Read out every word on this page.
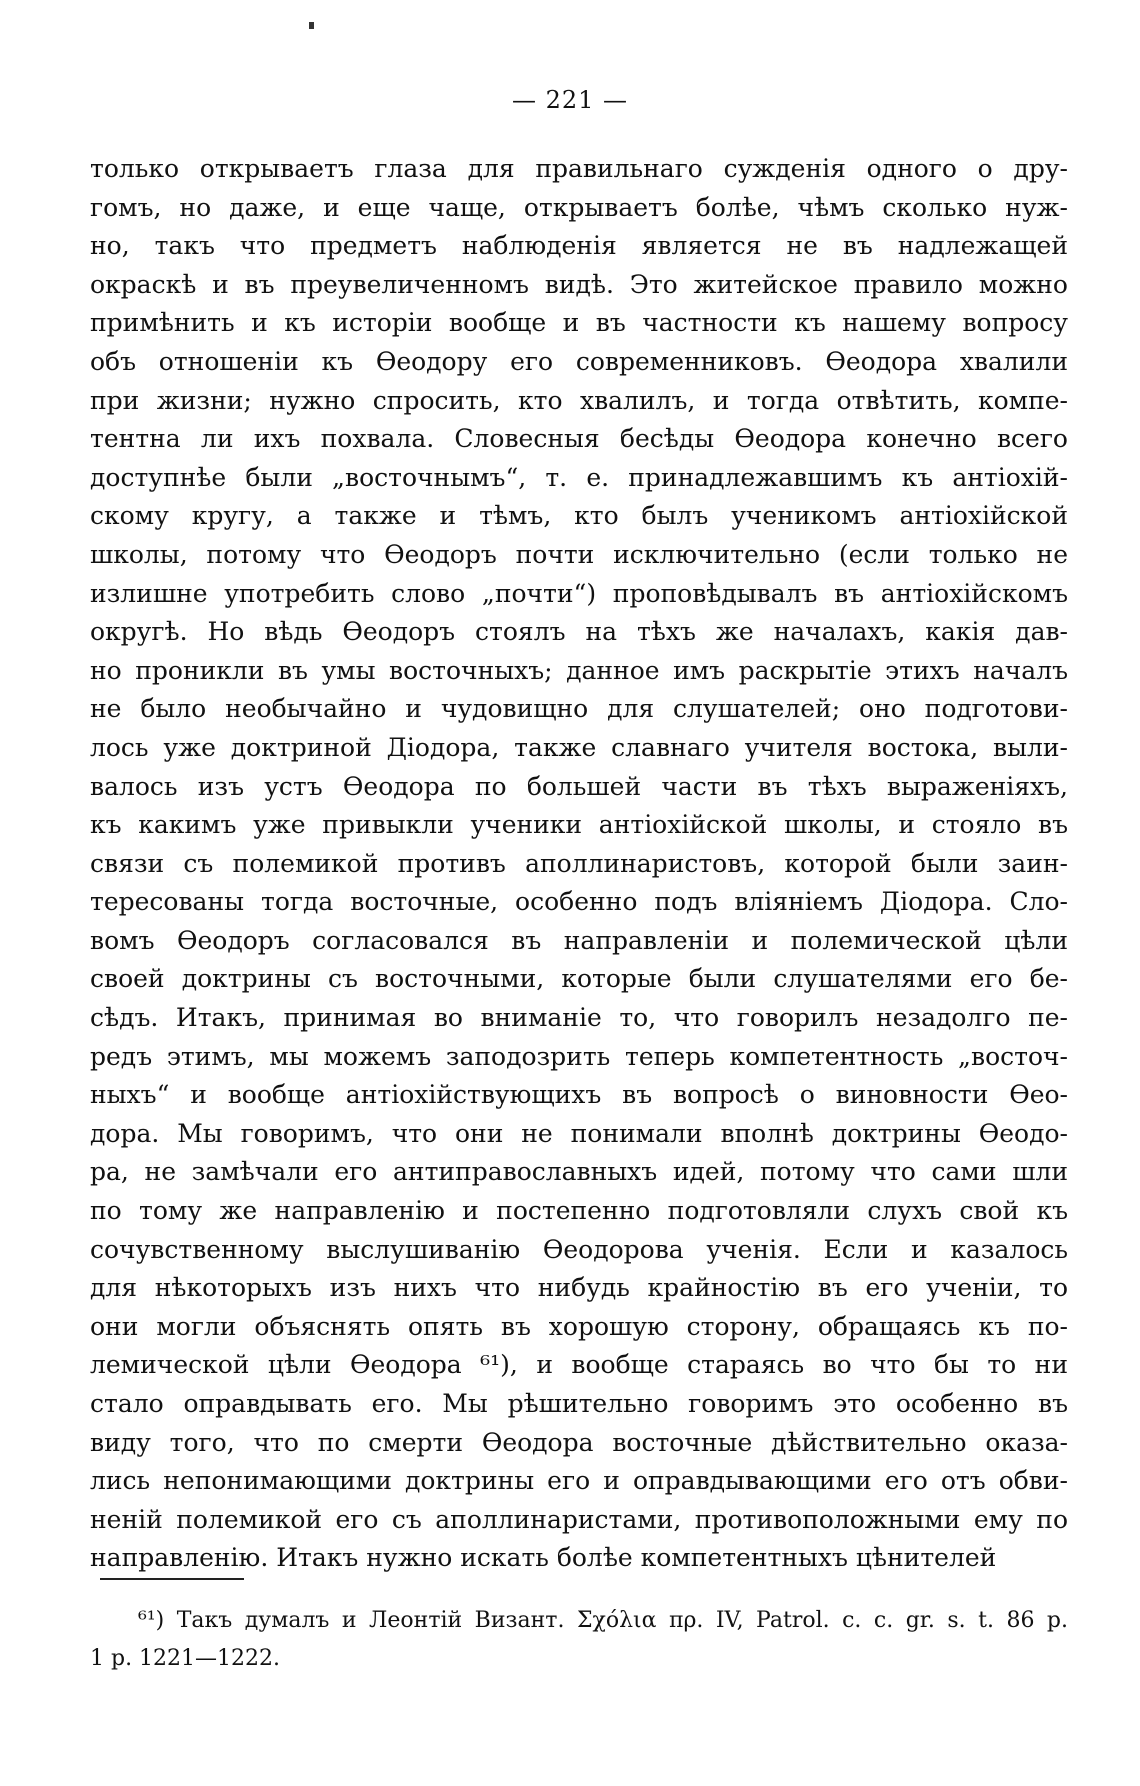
— 221 —
только открываетъ глаза для правильнаго сужденія одного о дру-
гомъ, но даже, и еще чаще, открываетъ болѣе, чѣмъ сколько нуж-
но, такъ что предметъ наблюденія является не въ надлежащей
окраскѣ и въ преувеличенномъ видѣ. Это житейское правило можно
примѣнить и къ исторіи вообще и въ частности къ нашему вопросу
объ отношеніи къ Ѳеодору его современниковъ. Ѳеодора хвалили
при жизни; нужно спросить, кто хвалилъ, и тогда отвѣтить, компе-
тентна ли ихъ похвала. Словесныя бесѣды Ѳеодора конечно всего
доступнѣе были „восточнымъ“, т. е. принадлежавшимъ къ антіохій-
скому кругу, а также и тѣмъ, кто былъ ученикомъ антіохійской
школы, потому что Ѳеодоръ почти исключительно (если только не
излишне употребить слово „почти“) проповѣдывалъ въ антіохійскомъ
округѣ. Но вѣдь Ѳеодоръ стоялъ на тѣхъ же началахъ, какія дав-
но проникли въ умы восточныхъ; данное имъ раскрытіе этихъ началъ
не было необычайно и чудовищно для слушателей; оно подготови-
лось уже доктриной Діодора, также славнаго учителя востока, выли-
валось изъ устъ Ѳеодора по большей части въ тѣхъ выраженіяхъ,
къ какимъ уже привыкли ученики антіохійской школы, и стояло въ
связи съ полемикой противъ аполлинаристовъ, которой были заин-
тересованы тогда восточные, особенно подъ вліяніемъ Діодора. Сло-
вомъ Ѳеодоръ согласовался въ направленіи и полемической цѣли
своей доктрины съ восточными, которые были слушателями его бе-
сѣдъ. Итакъ, принимая во вниманіе то, что говорилъ незадолго пе-
редъ этимъ, мы можемъ заподозрить теперь компетентность „восточ-
ныхъ“ и вообще антіохійствующихъ въ вопросѣ о виновности Ѳео-
дора. Мы говоримъ, что они не понимали вполнѣ доктрины Ѳеодо-
ра, не замѣчали его антиправославныхъ идей, потому что сами шли
по тому же направленію и постепенно подготовляли слухъ свой къ
сочувственному выслушиванію Ѳеодорова ученія. Если и казалось
для нѣкоторыхъ изъ нихъ что нибудь крайностію въ его ученіи, то
они могли объяснять опять въ хорошую сторону, обращаясь къ по-
лемической цѣли Ѳеодора ⁶¹), и вообще стараясь во что бы то ни
стало оправдывать его. Мы рѣшительно говоримъ это особенно въ
виду того, что по смерти Ѳеодора восточные дѣйствительно оказа-
лись непонимающими доктрины его и оправдывающими его отъ обви-
неній полемикой его съ аполлинаристами, противоположными ему по
направленію. Итакъ нужно искать болѣе компетентныхъ цѣнителей
⁶¹) Такъ думалъ и Леонтій Визант. Σχόλια πρ. IV, Patrol. c. c. gr. s. t. 86 p.
1 p. 1221—1222.
